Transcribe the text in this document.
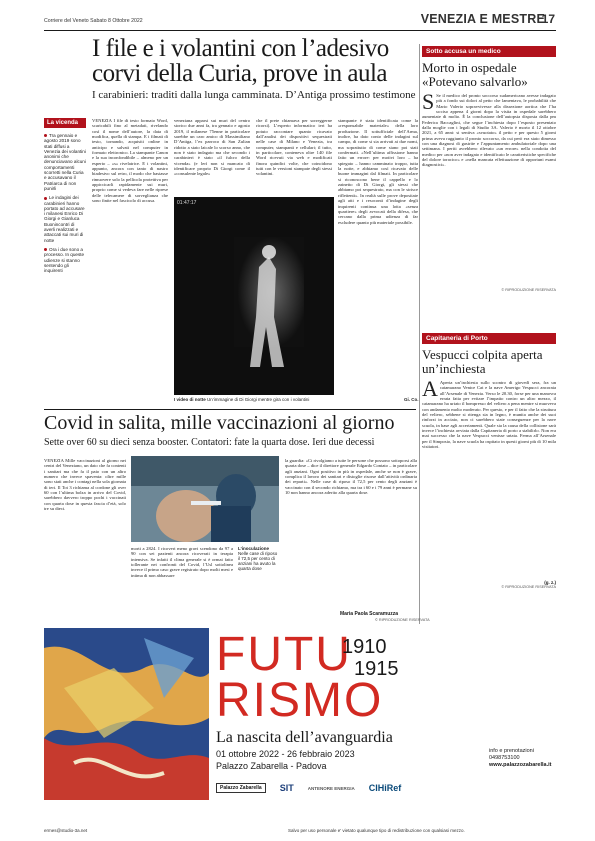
Corriere del Veneto Sabato 8 Ottobre 2022	VENEZIA E MESTRE
17
I file e i volantini con l’adesivo
corvi della Curia, prove in aula
I carabinieri: traditi dalla lunga camminata. D’Antiga prossimo testimone
La vicenda
Tra gennaio e agosto 2019 sono stati diffusi a Venezia dei volantini anonimi che denunciavano alcuni comportamenti scorretti nella Curia e accusavano il Patriarca di non punirli
Le indagini dei carabinieri hanno portato ad accusare i milanesi Enrico Di Giorgi e Gianluca Buonincontri di averli realizzati e attaccati sui muri di notte
Ora i due sono a processo. In queste udienze si stanno sentendo gli inquirenti
VENEZIA I file di testo formato Word, scaricabili fino al metadati, rivelando così il nome dell’autore, la data di modifica, quella di stampa. E i filmati di testo, tornando, acquisiti online in anticipo e salvati nel computer in formato elettronico. La stampante Canon e la sua inconfondibile – almeno per un esperto – «s» rivelatrice. E i volantini, appunto, ancora con tanto di nastro biadesivo sul retro, il modo che bastasse rimuovere solo la pellicola protettiva per appiccicarli rapidamente sui muri, proprio come si vedeva fare nelle riprese delle telecamere di sorveglianza che sono finite nel fascicolo di accusa.
veneziana apparsi sui muri del centro storico due anni fa, tra gennaio e agosto 2019, il milanese 75enne in particolare sarebbe un caro amico di Massimiliano D’Antiga, l’ex parroco di San Zulian ridotto a stato laicale lo scorso anno, che non è stato indagato ma che secondo i carabinieri è stato «il fulcro della vicenda» (e lerì non si mancato di identificare proprio Di Giorgi come il «consulente legale»
che il prete chiamava per sorreggerne ricorsi). L’esperto informatico ieri ha potuto raccontare quanto ricavato dall’analisi dei dispositivi sequestrati nelle case di Milano e Venezia, tra computer, stampanti e cellulari; il tutto, in particolare, conteneva oltre 140 file Word ricevuti via web e modificati finora quindici volte, che coincidono tutti con le versioni stampate degli stessi volantini.
stampante è stata identificata come la «responsabile materiale» della loro produzione. Il sottufficiale dell’Arma, inoltre, ha dato conto delle indagini sul campo, di come si sia arrivati ai due nomi, ma soprattutto di come siano poi stati confermati. «Nell’ultima affissione hanno fatto un errore: per motivi loro – ha spiegato – hanno camminato troppo, tutta la notte, e abbiamo così ricavato delle buone immagini dal filmati. In particolare si riconoscono bene il cappello e lo zainetto di Di Giorgi, gli stessi che abbiamo poi sequestrato, ma con le strisce riflettenti». In realtà sulle prove depositate agli atti e i resoconti d’indagine degli inquirenti continua una lotta «senza quartiere» degli avvocati della difesa, che cercano dalla prima udienza di far escludere quanto più materiale possibile.
01:47:17
I video di notte Un’immagine di Di Giorgi mentre gira con i volantini	Gi. Co.
Sotto accusa un medico
Morto in ospedale «Potevano salvarlo»
S Se il medico del pronto soccorso sudamericano avesse indagato più a fondo sui dolori al petto che lamentava, le probabilità che Mario Valerio sopravvivesse alla dissezione aortica che l’ha ucciso appena 4 giorni dopo la visita in ospedale sarebbero aumentate di molto. È la conclusione dell’autopsia disposta dalla pm Federica Baccaglini, che segue l’inchiesta dopo l’esposto presentato dalla moglie con i legali di Studio 3A. Valerio è morto il 12 ottobre 2021, a 65 anni: si sentiva «svuotato» il petto e per questo 5 giorni prima aveva raggiunto il pronto soccorso, da cui però era stato dimesso con una diagnosi di gastrite e l’appuntamento ambulatoriale dopo una settimana. I periti avrebbero rilevato «un errore» nella condotta del medico per «non aver indagato e identificato le caratteristiche specifiche del dolore toracico» e «nella mancata effettuazione di opportuni esami diagnostici».
© RIPRODUZIONE RISERVATA
Capitaneria di Porto
Vespucci colpita aperta un’inchiesta
A Aperta un’inchiesta sullo scontro di giovedì sera, fra un catamarano Venice Cat e la nave Amerigo Vespucci ancorata all’Arsenale di Venezia. Verso le 20.30, forse per una manovra errata fatta per evitare l’impatto contro un altro mezzo, il catamarano ha urtato il bompresso del veliero a pena mentre si muoveva con andamento molto moderato. Per questo, e per il fatto che la struttura del veliero, sebbene si ritenga sia in legno, è munita anche dei suoi rinforzi in acciaio, non ci sarebbero state conseguenze per la nave scuola, in base agli accertamenti. Quale sia la causa della collisione sarà invece l’inchiesta avviata dalla Capitaneria di porto a stabilirlo. Non era mai successo che la nave Vespucci venisse urtata. Ferma all’Arsenale per il Simposio, la nave scuola ha ospitato in questi giorni più di 10 mila visitatori.
(g. z.)
© RIPRODUZIONE RISERVATA
Covid in salita, mille vaccinazioni al giorno
Sette over 60 su dieci senza booster. Contatori: fate la quarta dose. Ieri due decessi
VENEZIA Mille vaccinazioni al giorno nei centri del Veneziano, un dato che fa contenti i sanitari ma che fa il paio con un altro numero che invece spaventa: oltre mille sono stati anche i contagi nella sola giornata di ieri. Il Tot 3 richiama al cordone gli over 60 con l’ultima bolza in arrivo del Covid, sarebbero davvero troppo pochi i vaccinati con quarta dose in questa fascia d’età, solo tre su dieci.
morti a 2824. I ricoveri meno gravi scendono da 97 a 90 con sei pazienti ancora ricoverati in terapia intensiva. Se infatti il clima generale si è ormai fatto tollerante nei confronti del Covid, l’Usl sottolinea invece il primo caso grave registrato dopo molti mesi e intima di non abbassare
L’inoculazione
Nelle case di riposo il 72,5 per cento di anziani ha avuto la quarta dose
la guardia: «Ci rivolgiamo a tutte le persone che possono sottoporsi alla quarta dose – dice il direttore generale Edgardo Contato – in particolare agli anziani. Ogni positivo in più in ospedale, anche se non è grave, complica il lavoro dei sanitari e distoglie risorse dall’attività ordinaria dei reparti». Nelle case di riposo il 72,5 per cento degli anziani è vaccinato con il secondo richiamo, ma tra i 60 e i 79 anni è permane su 10 non hanno ancora aderito alla quarta dose.
Maria Paola Scaramuzza
© RIPRODUZIONE RISERVATA
FUTU
RISMO
1910
1915
La nascita dell’avanguardia
01 ottobre 2022 - 26 febbraio 2023
Palazzo Zabarella - Padova
info e prenotazioni
0498753100
www.palazzozabarella.it
Palazzo Zabarella	SIT	ANTENORE ENERGIA CIHiRef
ermes@studio-3a.net	Salvo per uso personale e' vietato qualunque tipo di redistribuzione con qualsiasi mezzo.
